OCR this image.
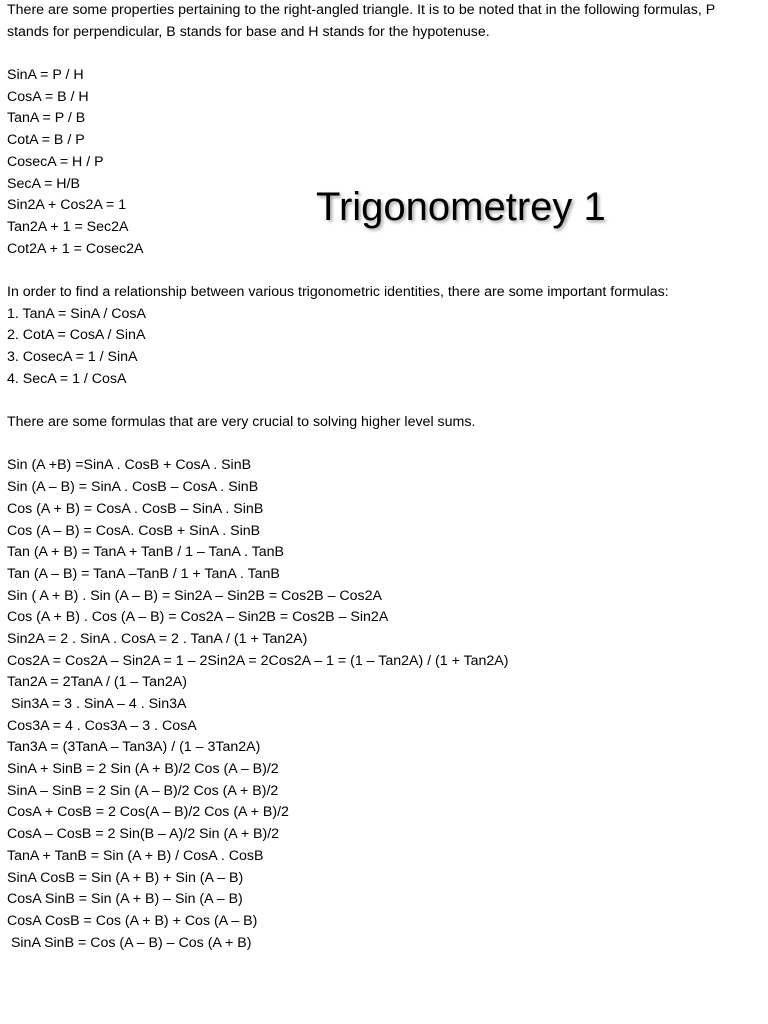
There are some properties pertaining to the right-angled triangle. It is to be noted that in the following formulas, P stands for perpendicular, B stands for base and H stands for the hypotenuse.
SinA = P / H
CosA = B / H
TanA = P / B
CotA = B / P
CosecA = H / P
SecA = H/B
Sin2A + Cos2A = 1
Tan2A + 1 = Sec2A
Cot2A + 1 = Cosec2A
In order to find a relationship between various trigonometric identities, there are some important formulas:
1. TanA = SinA / CosA
2. CotA = CosA / SinA
3. CosecA = 1 / SinA
4. SecA = 1 / CosA
There are some formulas that are very crucial to solving higher level sums.
Sin (A +B) =SinA . CosB + CosA . SinB
Sin (A – B) = SinA . CosB – CosA . SinB
Cos (A + B) = CosA . CosB – SinA . SinB
Cos (A – B) = CosA. CosB + SinA . SinB
Tan (A + B) = TanA + TanB / 1 – TanA . TanB
Tan (A – B) = TanA –TanB / 1 + TanA . TanB
Sin ( A + B) . Sin (A – B) = Sin2A – Sin2B = Cos2B – Cos2A
Cos (A + B) . Cos (A – B) = Cos2A – Sin2B = Cos2B – Sin2A
Sin2A = 2 . SinA . CosA = 2 . TanA / (1 + Tan2A)
Cos2A = Cos2A – Sin2A = 1 – 2Sin2A = 2Cos2A – 1 = (1 – Tan2A) / (1 + Tan2A)
Tan2A = 2TanA / (1 – Tan2A)
Sin3A = 3 . SinA – 4 . Sin3A
Cos3A = 4 . Cos3A – 3 . CosA
Tan3A = (3TanA – Tan3A) / (1 – 3Tan2A)
SinA + SinB = 2 Sin (A + B)/2 Cos (A – B)/2
SinA – SinB = 2 Sin (A – B)/2 Cos (A + B)/2
CosA + CosB = 2 Cos(A – B)/2 Cos (A + B)/2
CosA – CosB = 2 Sin(B – A)/2 Sin (A + B)/2
TanA + TanB = Sin (A + B) / CosA . CosB
SinA CosB = Sin (A + B) + Sin (A – B)
CosA SinB = Sin (A + B) – Sin (A – B)
CosA CosB = Cos (A + B) + Cos (A – B)
SinA SinB = Cos (A – B) – Cos (A + B)
Trigonometrey 1
